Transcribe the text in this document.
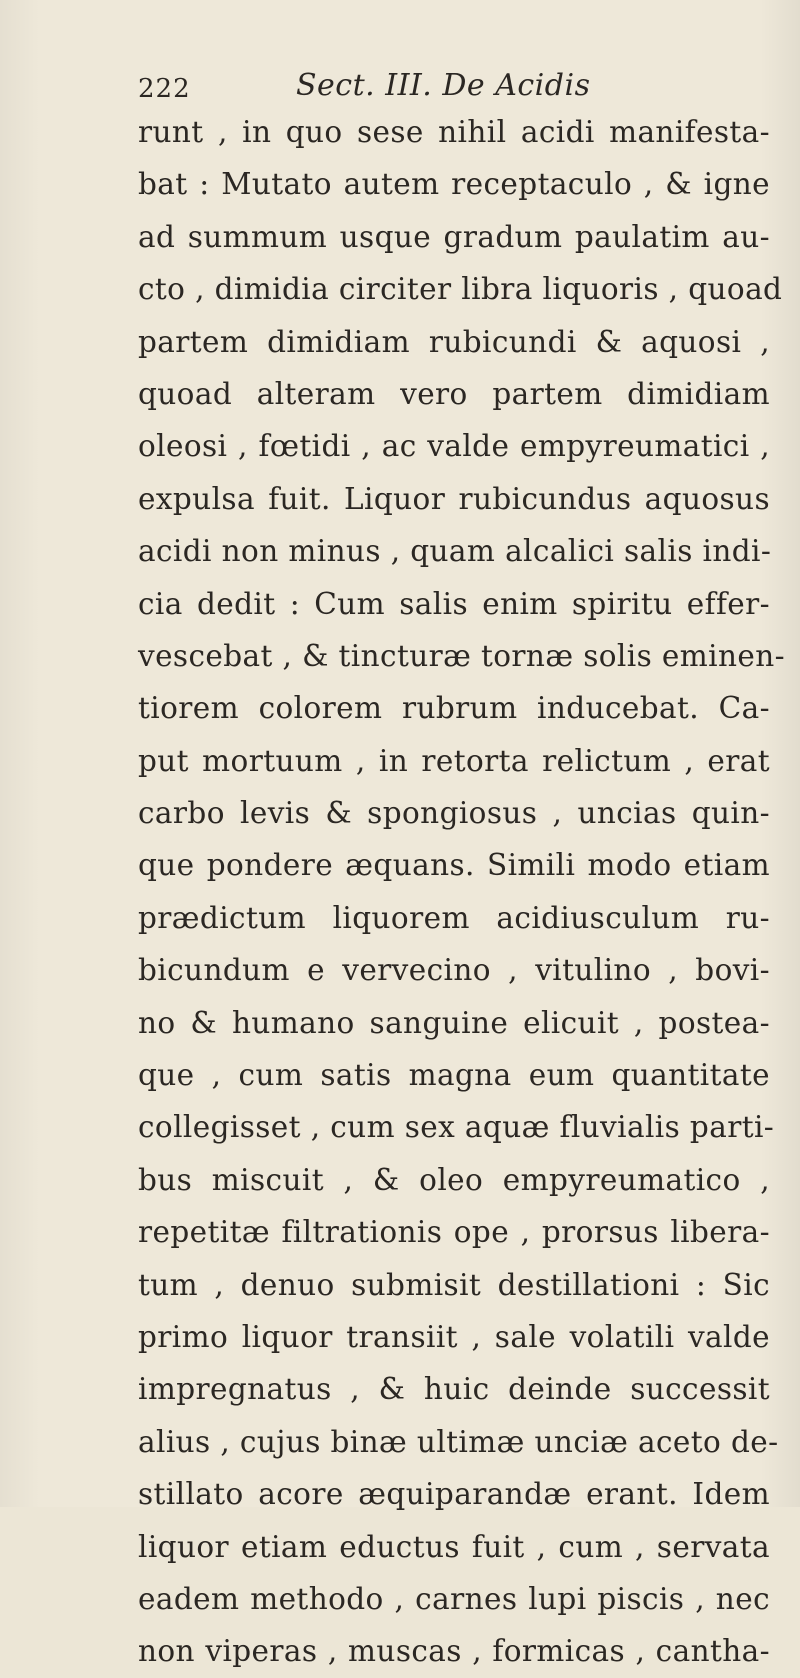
222	Sect. III. De Acidis
runt , in quo sese nihil acidi manifesta-
bat : Mutato autem receptaculo , & igne
ad summum usque gradum paulatim au-
cto , dimidia circiter libra liquoris , quoad
partem dimidiam rubicundi & aquosi ,
quoad alteram vero partem dimidiam
oleosi , fœtidi , ac valde empyreumatici ,
expulsa fuit. Liquor rubicundus aquosus
acidi non minus , quam alcalici salis indi-
cia dedit : Cum salis enim spiritu effer-
vescebat , & tincturæ tornæ solis eminen-
tiorem colorem rubrum inducebat. Ca-
put mortuum , in retorta relictum , erat
carbo levis & spongiosus , uncias quin-
que pondere æquans. Simili modo etiam
prædictum liquorem acidiusculum ru-
bicundum e vervecino , vitulino , bovi-
no & humano sanguine elicuit , postea-
que , cum satis magna eum quantitate
collegisset , cum sex aquæ fluvialis parti-
bus miscuit , & oleo empyreumatico ,
repetitæ filtrationis ope , prorsus libera-
tum , denuo submisit destillationi : Sic
primo liquor transiit , sale volatili valde
impregnatus , & huic deinde successit
alius , cujus binæ ultimæ unciæ aceto de-
stillato acore æquiparandæ erant. Idem
liquor etiam eductus fuit , cum , servata
eadem methodo , carnes lupi piscis , nec
non viperas , muscas , formicas , cantha-
